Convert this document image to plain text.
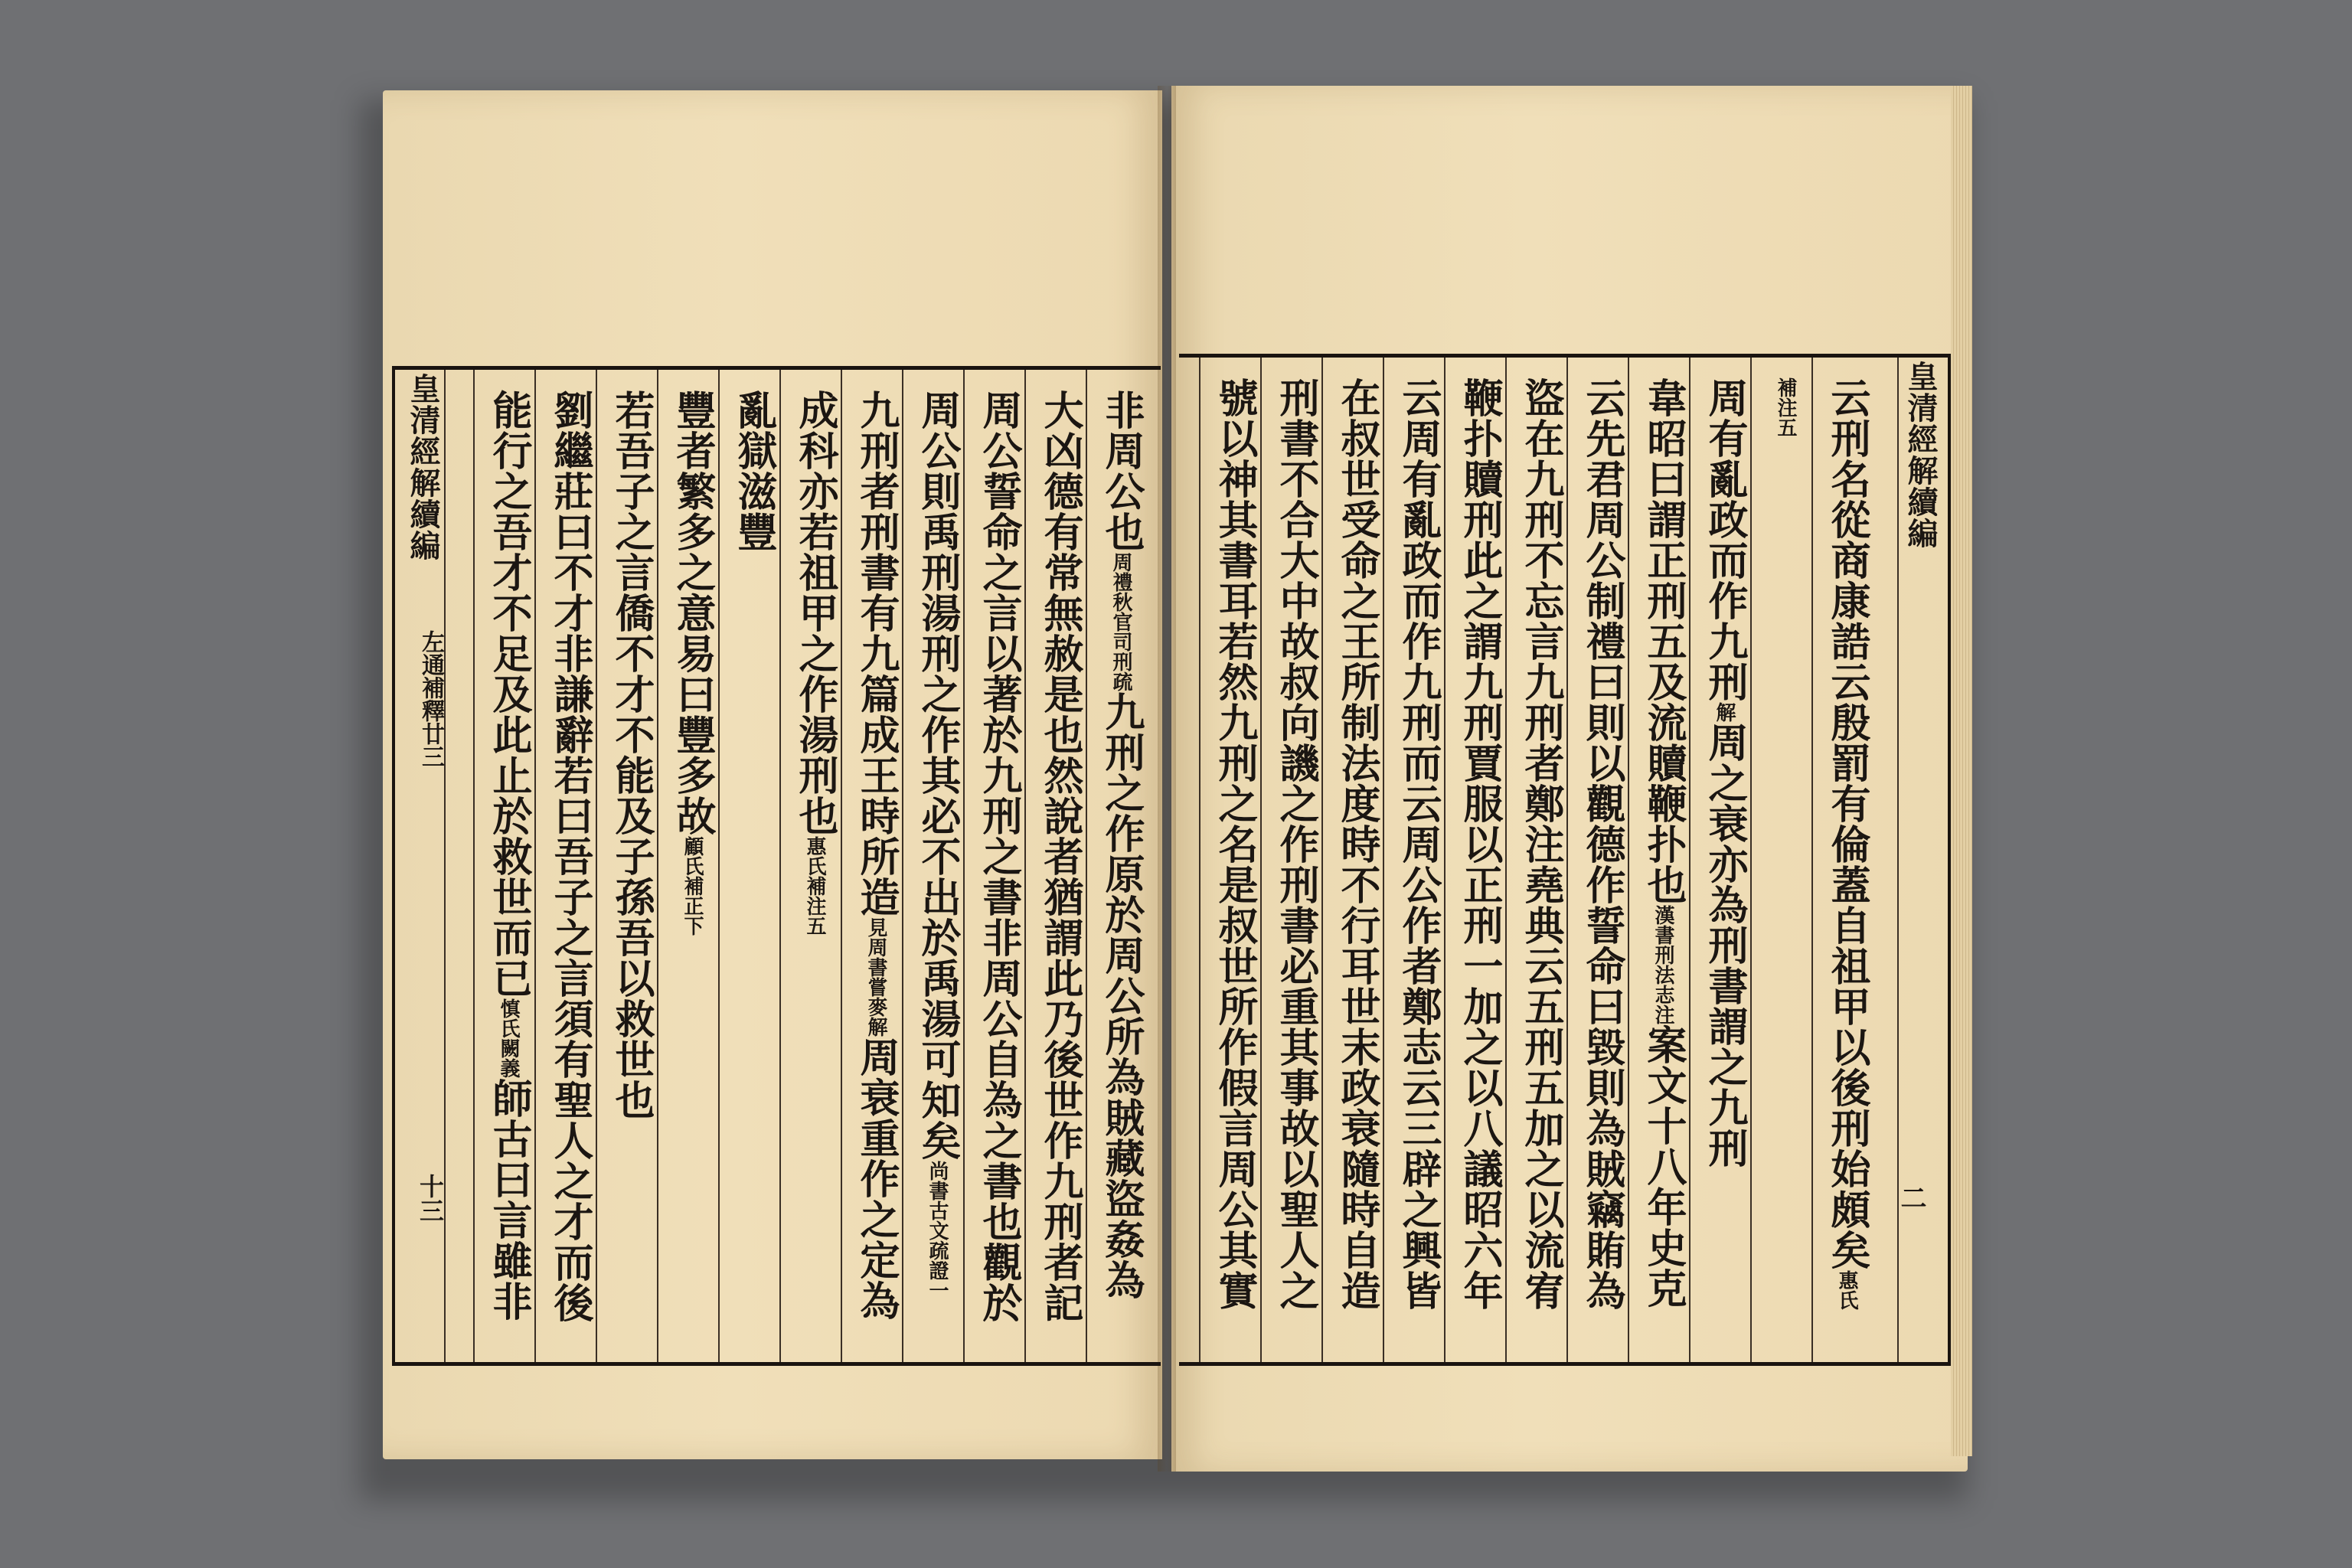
皇清經解續編
左通補釋廿三
十三
非周公也周禮秋官司刑疏九刑之作原於周公所為賊藏盜姦為
大凶德有常無赦是也然說者猶謂此乃後世作九刑者記
周公誓命之言以著於九刑之書非周公自為之書也觀於
周公則禹刑湯刑之作其必不出於禹湯可知矣尚書古文疏證一
九刑者刑書有九篇成王時所造見周書嘗麥解周衰重作之定為
成科亦若祖甲之作湯刑也惠氏補注五
亂獄滋豐
豐者繁多之意易曰豐多故顧氏補正下
若吾子之言僑不才不能及子孫吾以救世也
劉繼莊曰不才非謙辭若曰吾子之言須有聖人之才而後
能行之吾才不足及此止於救世而已慎氏闕義師古曰言雖非
皇清經解續編
二
云刑名從商康誥云殷罰有倫蓋自祖甲以後刑始頗矣惠氏
補注五
周有亂政而作九刑解周之衰亦為刑書謂之九刑
韋昭曰謂正刑五及流贖鞭扑也漢書刑法志注案文十八年史克
云先君周公制禮曰則以觀德作誓命曰毀則為賊竊賄為
盜在九刑不忘言九刑者鄭注堯典云五刑五加之以流宥
鞭扑贖刑此之謂九刑賈服以正刑一加之以八議昭六年
云周有亂政而作九刑而云周公作者鄭志云三辟之興皆
在叔世受命之王所制法度時不行耳世末政衰隨時自造
刑書不合大中故叔向譏之作刑書必重其事故以聖人之
號以神其書耳若然九刑之名是叔世所作假言周公其實
